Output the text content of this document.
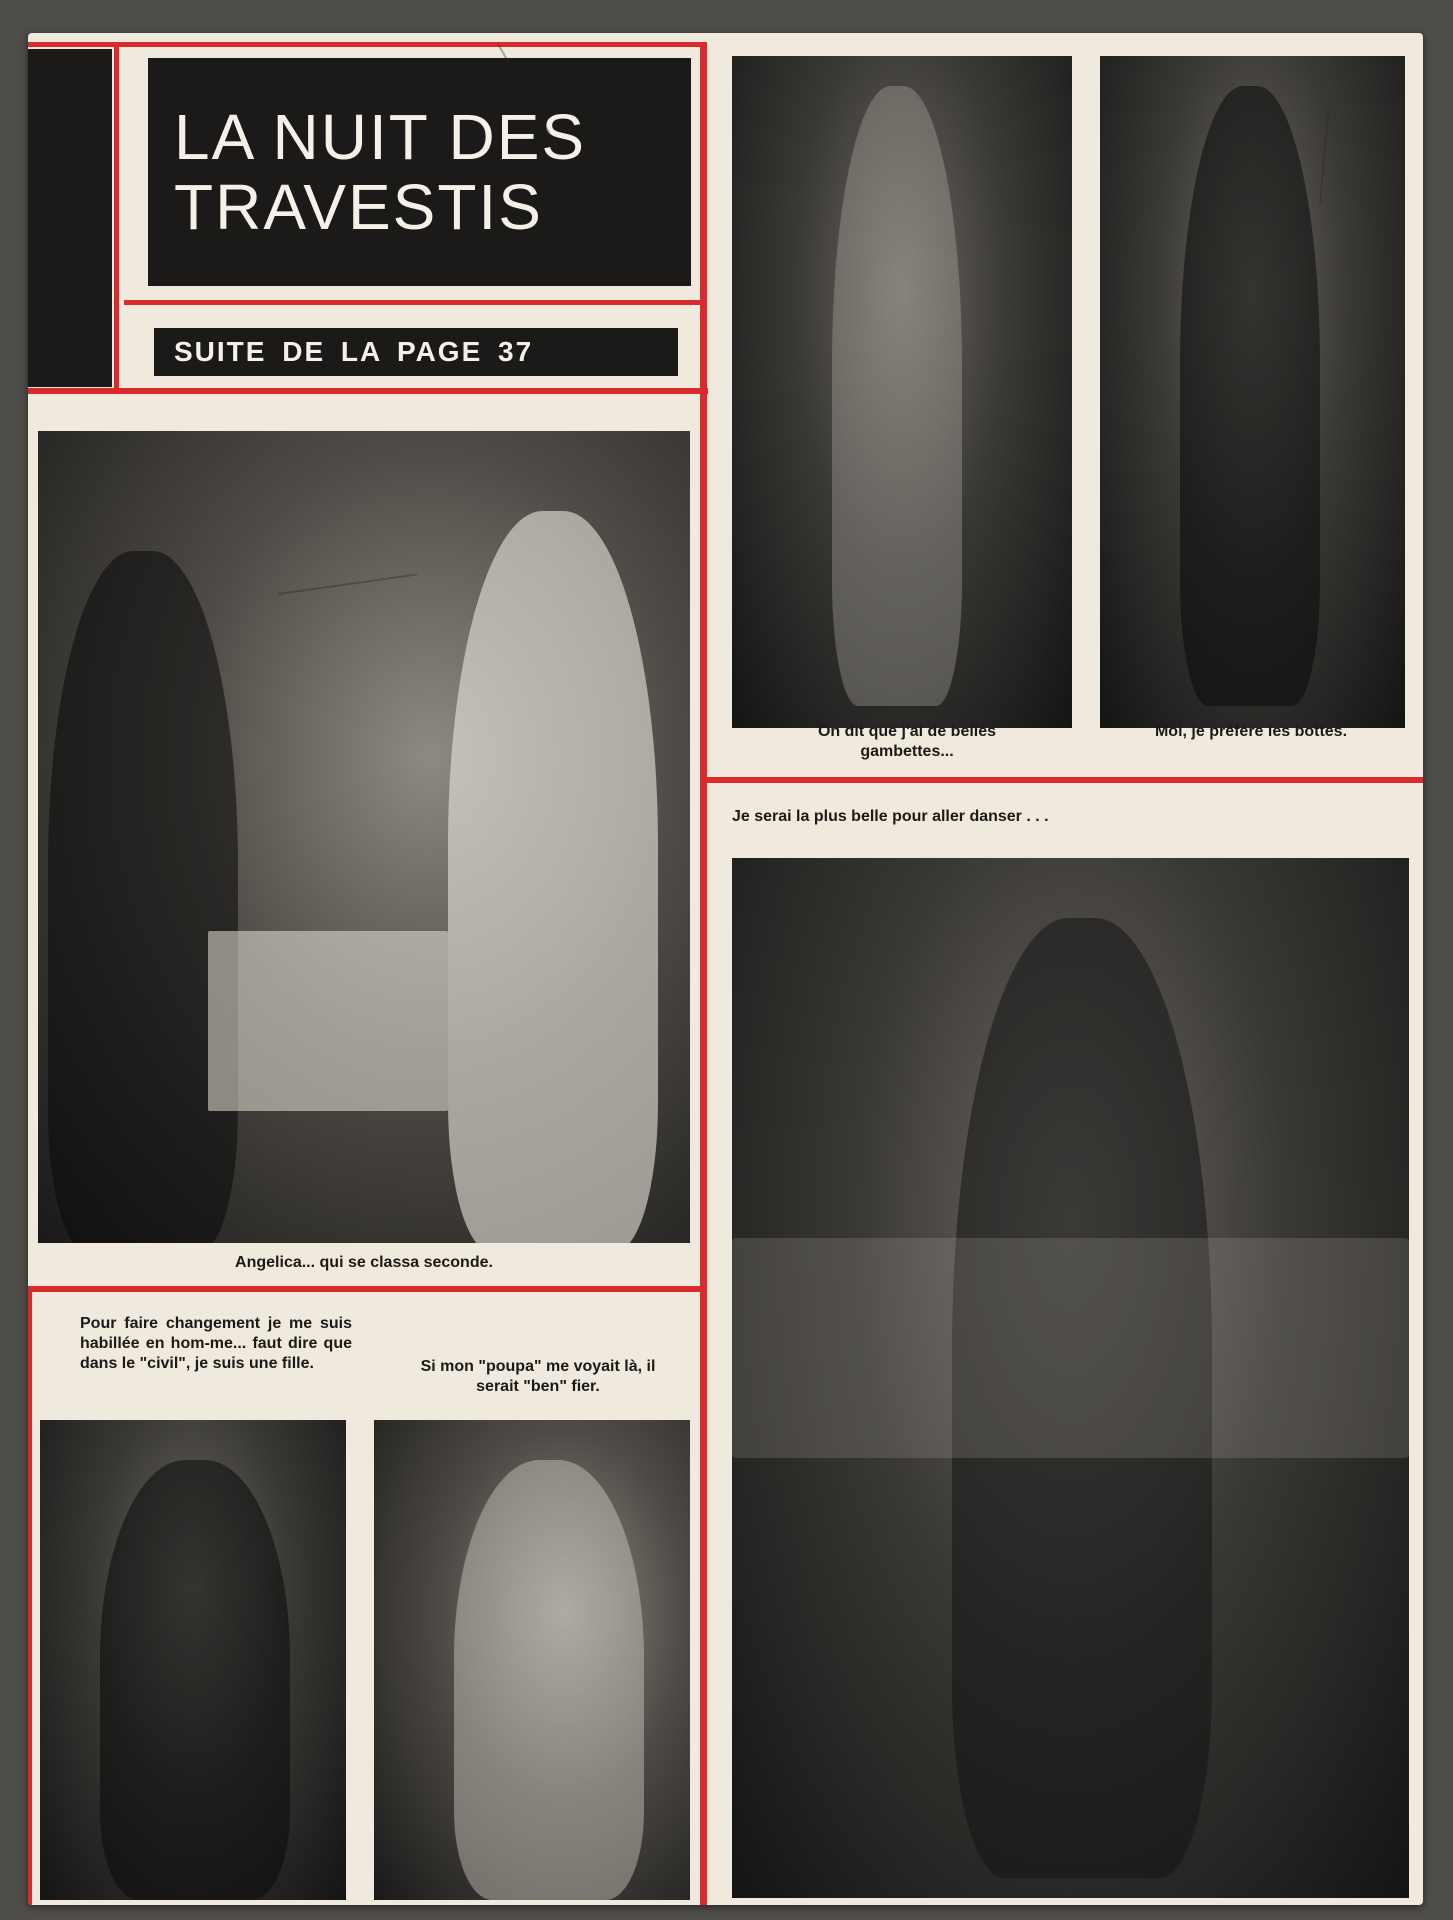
LA NUIT DES
TRAVESTIS
SUITE DE LA PAGE 37
Angelica... qui se classa seconde.
On dit que j'ai de belles gambettes...
Moi, je préfère les bottes.
Je serai la plus belle pour aller danser . . .
Pour faire changement je me suis habillée en hom-me... faut dire que dans le "civil", je suis une fille.	Si mon "poupa" me voyait là, il serait "ben" fier.
